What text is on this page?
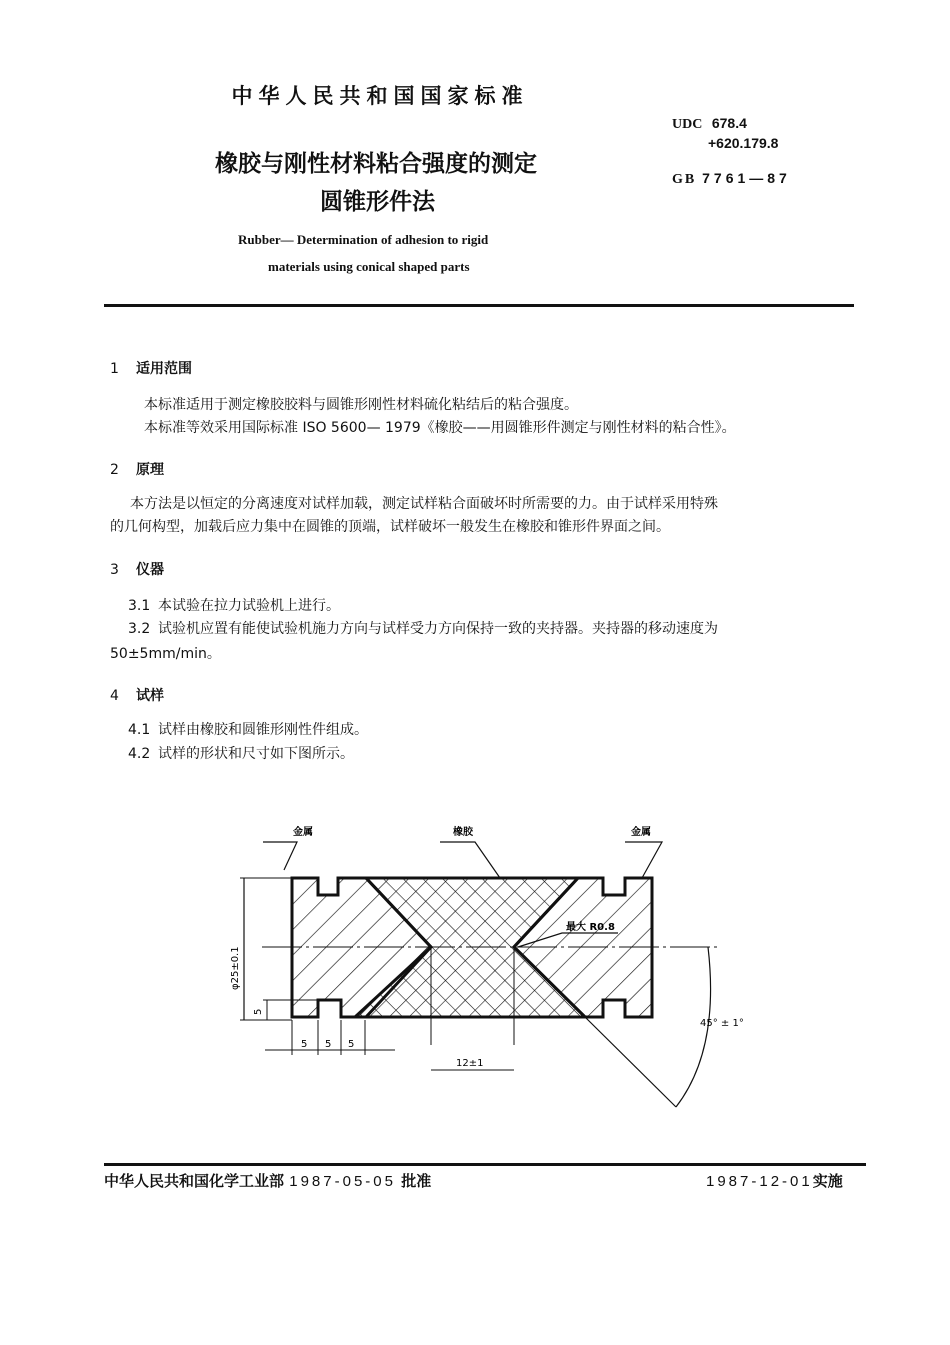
中华人民共和国国家标准
橡胶与刚性材料粘合强度的测定
圆锥形件法
UDC 678.4
+620.179.8
GB 7761—87
Rubber— Determination of adhesion to rigid
materials using conical shaped parts
1 适用范围
本标准适用于测定橡胶胶料与圆锥形刚性材料硫化粘结后的粘合强度。
本标准等效采用国际标准 ISO 5600— 1979《橡胶——用圆锥形件测定与刚性材料的粘合性》。
2 原理
本方法是以恒定的分离速度对试样加载，测定试样粘合面破坏时所需要的力。由于试样采用特殊
的几何构型，加载后应力集中在圆锥的顶端，试样破坏一般发生在橡胶和锥形件界面之间。
3 仪器
3.1 本试验在拉力试验机上进行。
3.2 试验机应置有能使试验机施力方向与试样受力方向保持一致的夹持器。夹持器的移动速度为
50±5mm/min。
4 试样
4.1 试样由橡胶和圆锥形刚性件组成。
4.2 试样的形状和尺寸如下图所示。
金属	橡胶	金属
最大 R0.8
φ25±0.1
5
5 5 5
12±1
45° ± 1°
中华人民共和国化学工业部 1987-05-05 批准	1987-12-01实施
